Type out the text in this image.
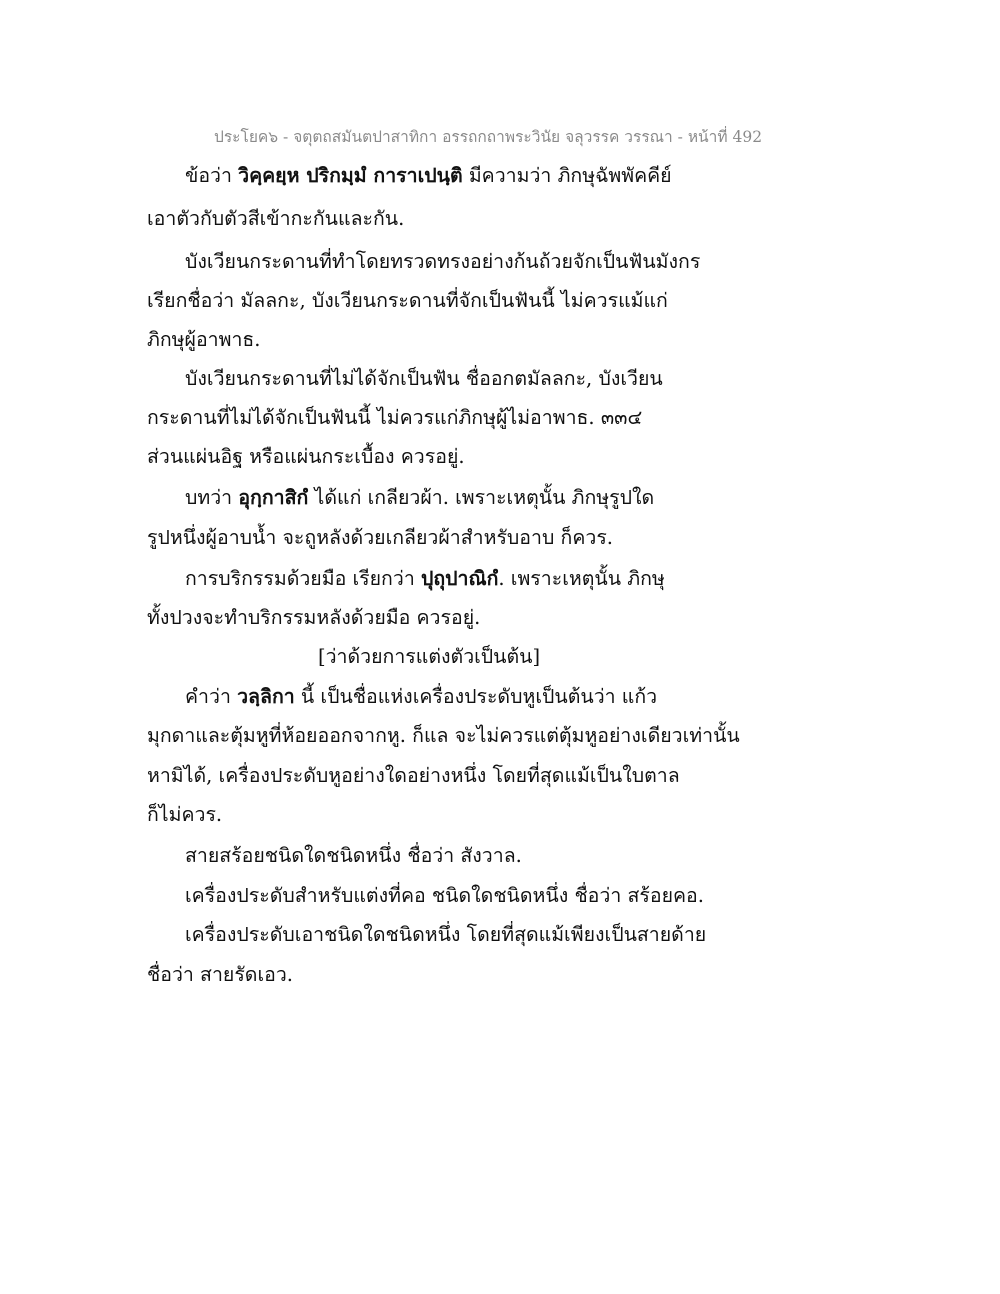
ประโยค๖ - จตุตถสมันตปาสาทิกา อรรถกถาพระวินัย จลุวรรค วรรณา - หน้าที่ 492
ข้อว่า วิคฺคยฺห ปริกมฺมํ การาเปนฺติ มีความว่า ภิกษุฉัพพัคคีย์
เอาตัวกับตัวสีเข้ากะกันและกัน.
บังเวียนกระดานที่ทำโดยทรวดทรงอย่างก้นถ้วยจักเป็นฟันมังกร
เรียกชื่อว่า มัลลกะ, บังเวียนกระดานที่จักเป็นฟันนี้ ไม่ควรแม้แก่
ภิกษุผู้อาพาธ.
บังเวียนกระดานที่ไม่ได้จักเป็นฟัน ชื่ออกตมัลลกะ, บังเวียน
กระดานที่ไม่ได้จักเป็นฟันนี้ ไม่ควรแก่ภิกษุผู้ไม่อาพาธ. ๓๓๔
ส่วนแผ่นอิฐ หรือแผ่นกระเบื้อง ควรอยู่.
บทว่า อุกฺกาสิกํ ได้แก่ เกลียวผ้า. เพราะเหตุนั้น ภิกษุรูปใด
รูปหนึ่งผู้อาบน้ำ จะถูหลังด้วยเกลียวผ้าสำหรับอาบ ก็ควร.
การบริกรรมด้วยมือ เรียกว่า ปุถุปาณิกํ. เพราะเหตุนั้น ภิกษุ
ทั้งปวงจะทำบริกรรมหลังด้วยมือ ควรอยู่.
[ว่าด้วยการแต่งตัวเป็นต้น]
คำว่า วลฺลิกา นี้ เป็นชื่อแห่งเครื่องประดับหูเป็นต้นว่า แก้ว
มุกดาและตุ้มหูที่ห้อยออกจากหู. ก็แล จะไม่ควรแต่ตุ้มหูอย่างเดียวเท่านั้น
หามิได้, เครื่องประดับหูอย่างใดอย่างหนึ่ง โดยที่สุดแม้เป็นใบตาล
ก็ไม่ควร.
สายสร้อยชนิดใดชนิดหนึ่ง ชื่อว่า สังวาล.
เครื่องประดับสำหรับแต่งที่คอ ชนิดใดชนิดหนึ่ง ชื่อว่า สร้อยคอ.
เครื่องประดับเอาชนิดใดชนิดหนึ่ง โดยที่สุดแม้เพียงเป็นสายด้าย
ชื่อว่า สายรัดเอว.
